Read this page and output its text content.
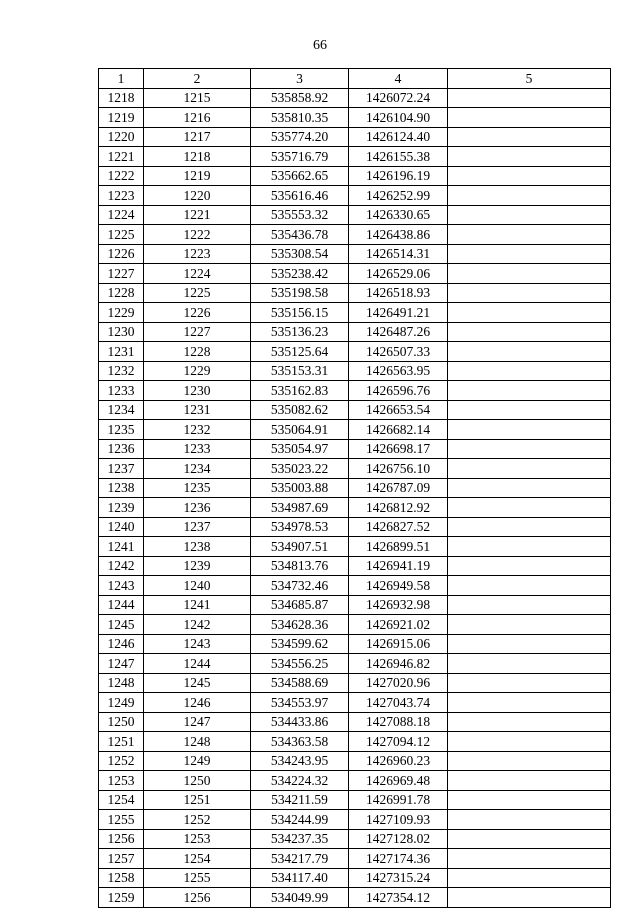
66
1	2	3	4	5
1218	1215	535858.92	1426072.24	
1219	1216	535810.35	1426104.90	
1220	1217	535774.20	1426124.40	
1221	1218	535716.79	1426155.38	
1222	1219	535662.65	1426196.19	
1223	1220	535616.46	1426252.99	
1224	1221	535553.32	1426330.65	
1225	1222	535436.78	1426438.86	
1226	1223	535308.54	1426514.31	
1227	1224	535238.42	1426529.06	
1228	1225	535198.58	1426518.93	
1229	1226	535156.15	1426491.21	
1230	1227	535136.23	1426487.26	
1231	1228	535125.64	1426507.33	
1232	1229	535153.31	1426563.95	
1233	1230	535162.83	1426596.76	
1234	1231	535082.62	1426653.54	
1235	1232	535064.91	1426682.14	
1236	1233	535054.97	1426698.17	
1237	1234	535023.22	1426756.10	
1238	1235	535003.88	1426787.09	
1239	1236	534987.69	1426812.92	
1240	1237	534978.53	1426827.52	
1241	1238	534907.51	1426899.51	
1242	1239	534813.76	1426941.19	
1243	1240	534732.46	1426949.58	
1244	1241	534685.87	1426932.98	
1245	1242	534628.36	1426921.02	
1246	1243	534599.62	1426915.06	
1247	1244	534556.25	1426946.82	
1248	1245	534588.69	1427020.96	
1249	1246	534553.97	1427043.74	
1250	1247	534433.86	1427088.18	
1251	1248	534363.58	1427094.12	
1252	1249	534243.95	1426960.23	
1253	1250	534224.32	1426969.48	
1254	1251	534211.59	1426991.78	
1255	1252	534244.99	1427109.93	
1256	1253	534237.35	1427128.02	
1257	1254	534217.79	1427174.36	
1258	1255	534117.40	1427315.24	
1259	1256	534049.99	1427354.12	
